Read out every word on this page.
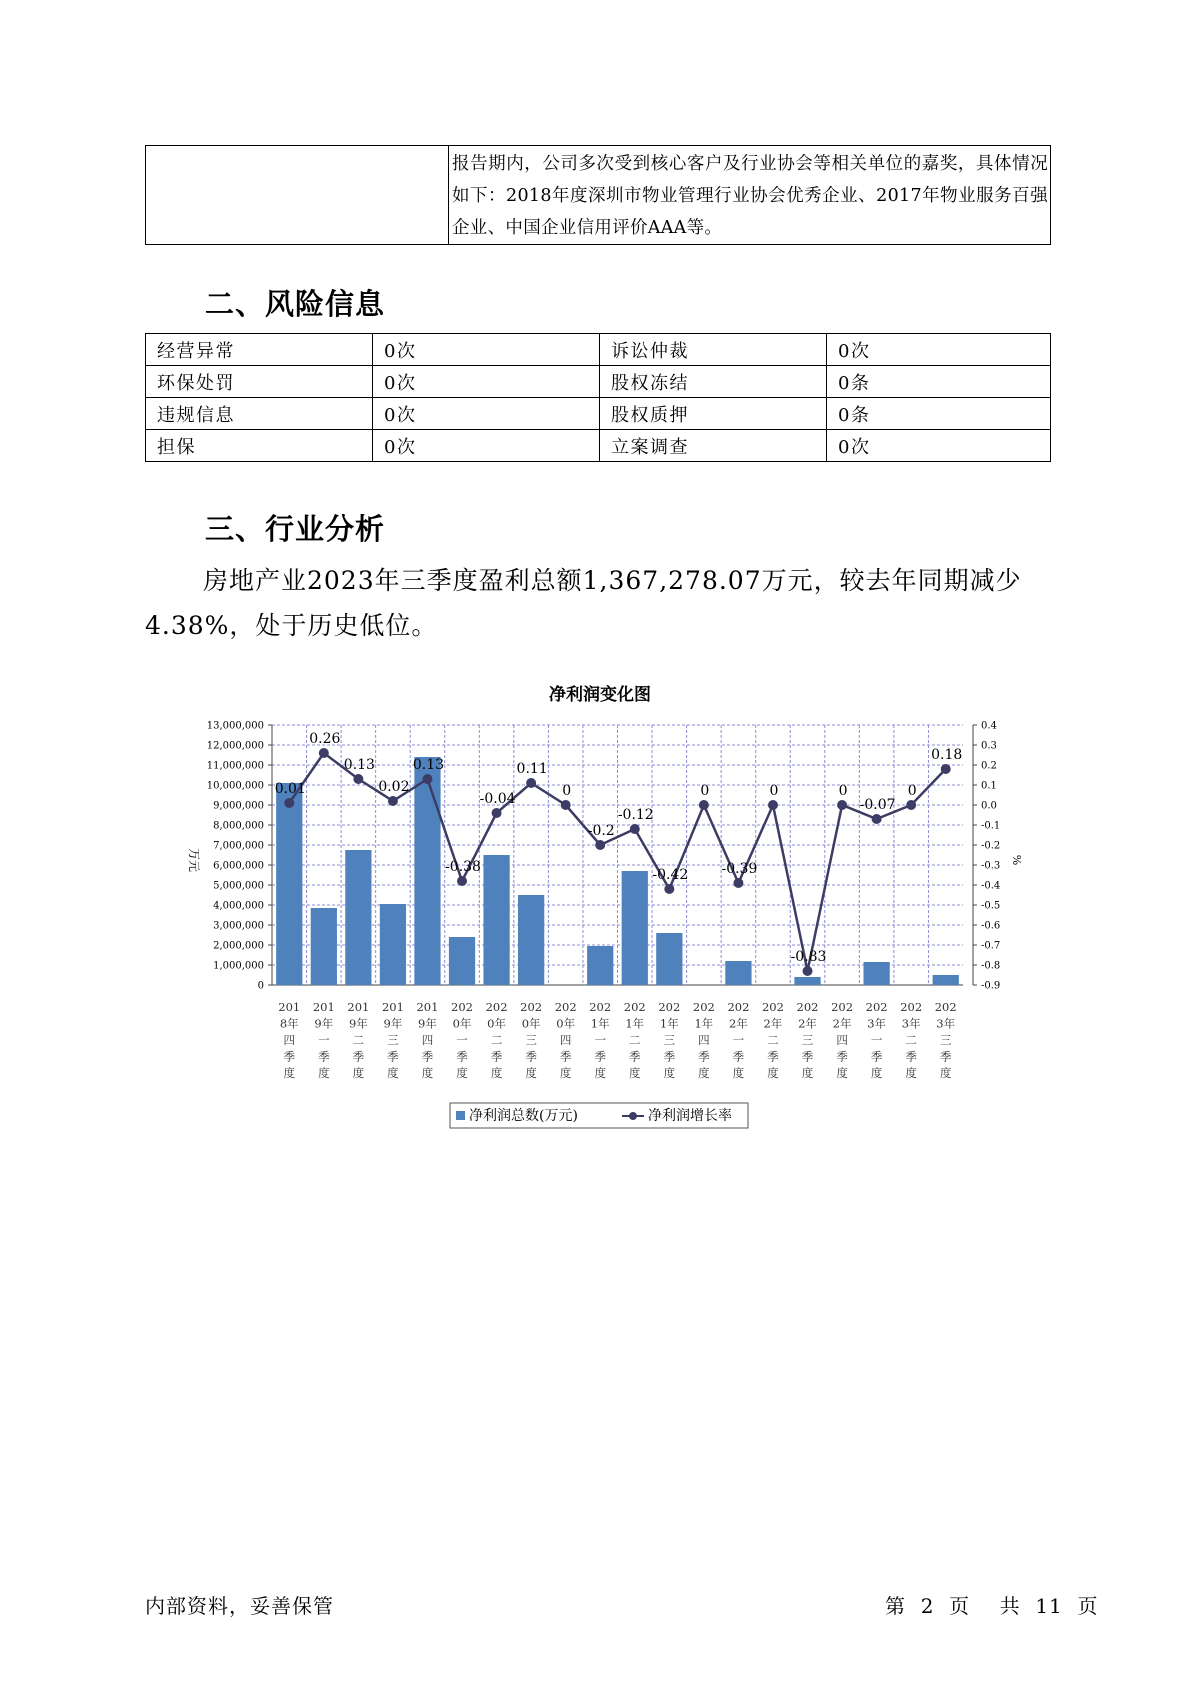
	报告期内，公司多次受到核心客户及行业协会等相关单位的嘉奖，具体情况如下：2018年度深圳市物业管理行业协会优秀企业、2017年物业服务百强企业、中国企业信用评价AAA等。
二、风险信息
经营异常	0次	诉讼仲裁	0次
环保处罚	0次	股权冻结	0条
违规信息	0次	股权质押	0条
担保	0次	立案调查	0次
三、行业分析

房地产业2023年三季度盈利总额1,367,278.07万元，较去年同期减少4.38%，处于历史低位。

净利润变化图
13,000,000
12,000,000
11,000,000
10,000,000
9,000,000
8,000,000
7,000,000
6,000,000
5,000,000
4,000,000
3,000,000
2,000,000
1,000,000
0
0.4
0.3
0.2
0.1
0.0
-0.1
-0.2
-0.3
-0.4
-0.5
-0.6
-0.7
-0.8
-0.9
万元	%
0.01
0.26
0.13
0.02
0.13
-0.38
-0.04
0.11
0
-0.2
-0.12
-0.42
0
-0.39
0
-0.83
0
-0.07
0
0.18
201 8年四季度
201 9年一季度
201 9年二季度
201 9年三季度
201 9年四季度
202 0年一季度
202 0年二季度
202 0年三季度
202 0年四季度
202 1年一季度
202 1年二季度
202 1年三季度
202 1年四季度
202 2年一季度
202 2年二季度
202 2年三季度
202 2年四季度
202 3年一季度
202 3年二季度
202 3年三季度
净利润总数(万元)	净利润增长率
内部资料，妥善保管	第 2 页 共 11 页
